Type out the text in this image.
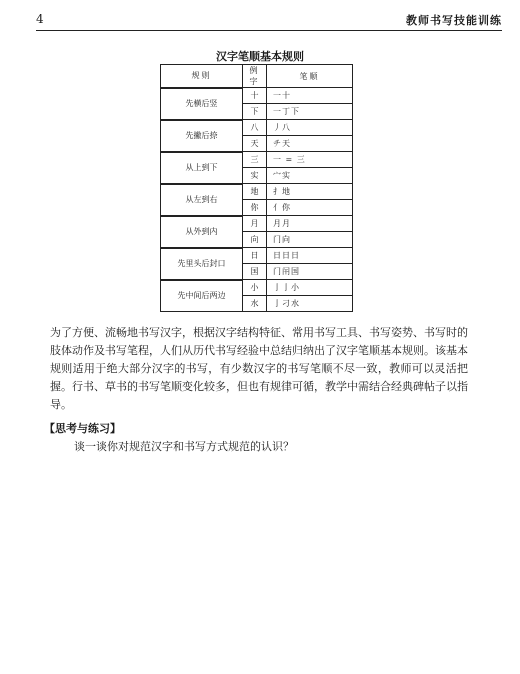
4	教师书写技能训练
汉字笔顺基本规则
规则	例字	笔顺
先横后竖	十	一十
	下	一丁下
先撇后捺	八	丿八
	天	チ天
从上到下	三	一 = 三
	实	宀实
从左到右	地	扌地
	你	亻你
从外到内	月	月月
	向	门向
先里头后封口	日	日日日
	国	门闬国
先中间后两边	小	亅亅小
	水	亅刁水

为了方便、流畅地书写汉字，根据汉字结构特征、常用书写工具、书写姿势、书写时的肢体动作及书写笔程，人们从历代书写经验中总结归纳出了汉字笔顺基本规则。该基本规则适用于绝大部分汉字的书写，有少数汉字的书写笔顺不尽一致，教师可以灵活把握。行书、草书的书写笔顺变化较多，但也有规律可循，教学中需结合经典碑帖子以指导。

【思考与练习】
谈一谈你对规范汉字和书写方式规范的认识？
